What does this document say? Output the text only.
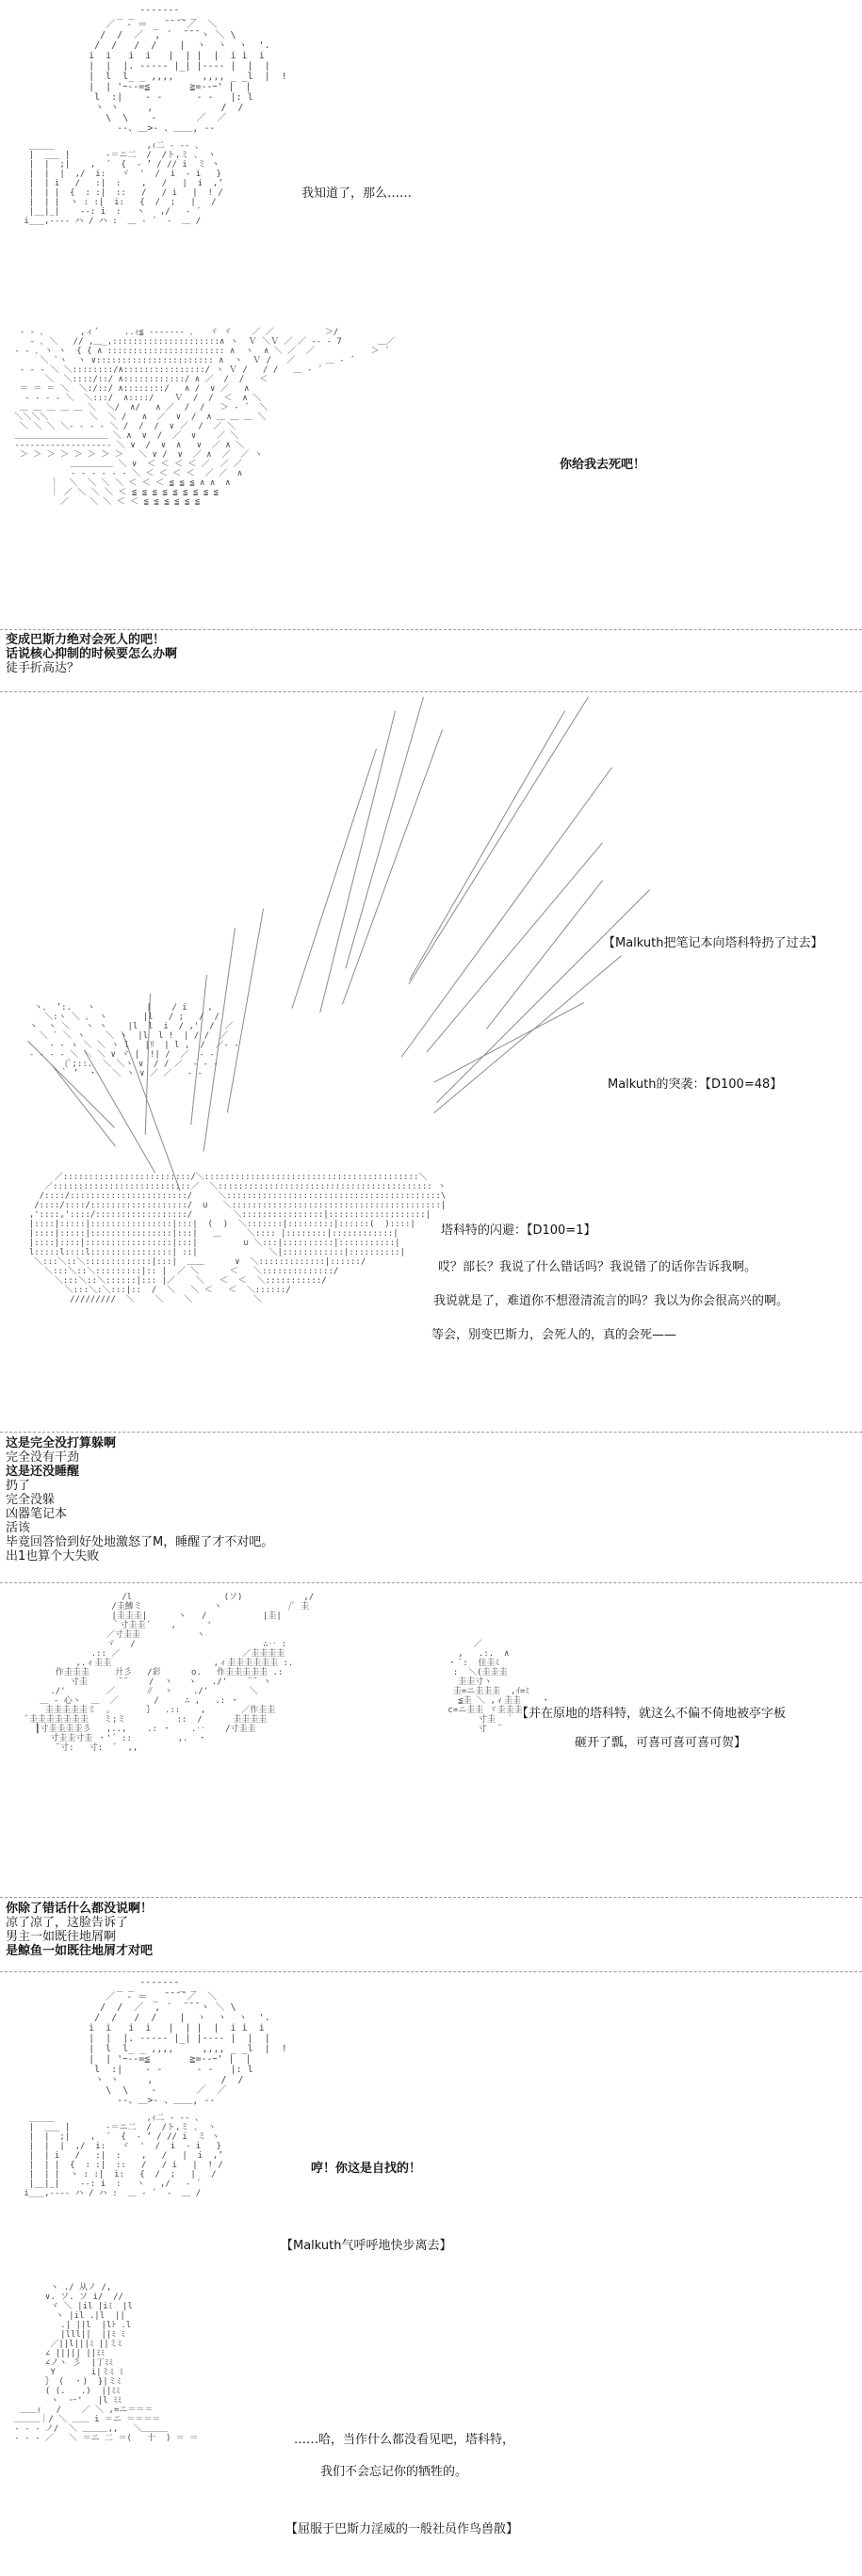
_ _ ̄ ̄ ̄ ̄ ̄ ̄ ̄ _ _
／  ‐ ＝ _ ̄ ̄ ̄ ̄ ／  ＼
/  /  ／  , ´  ̄ ̄ ̄ ヽ ＼ \
/  /   /  /    |  ヽ  ヽ  ヽ  '.
i  i   i  i   |  | |  |  i i  i
|  |  |. ---‐‐ |_| |‐‐‐- |  |  |
|  l  l_ _ ,,,,     ,,,, _ _l  |  !
|  | 'ｰ--=≦       ≧=--ｰ' |  |
l  :|    ‐ ‐      ‐ ‐   |: l
ヽ ヽ     ,            /  /
\  \    ‐       ／  ／
‐-、＿>- 、＿＿, -‐
_____                  ,ｨ二 ‐ ‐- 、
|  ___ |       ‐＝ニ二  /  /ト,ミ 、 ヽ
|  |  ;|    ,  ´  {  ‐ ’ / // i  ミ ヽ
|  |  |  ,/  i:   ヾ  '  /  i  ‐ i   }
|  | i   /   :|  :    ,   /   |  i  ,’
|  | |  {  : :|  ::   /   / i   |  ! /
|  | |  ヽ : :|  i:   {  /  ;   |   /
|__|_|    ‐-: i  :   ヽ   ,/   ‐ ´
i___,---- ハ / ハ :  ＿ ‐ ´  ‐  ＿ /
我知道了，那么……
‐ ‐ ､       ,ィ´     ..ｨ≦ ‐‐‐‐‐‐‐ ､   ヾ ヾ    ／ ／          ＞/
‐ ､ ＼   // ,＿_,:::::::::::::::::::::∧ ヽ  Ｖ ＼Ｖ ／ ／ ‐‐ ‐ 7       ＿／
‐ ‐ ､ ヽ ヽ  { { ∧ ::::::::::::::::::::::: ∧  ヽ  ∧ ＼ ／  ／           ＞ ´
＼ `ヽ  ヽ ∨::::::::::::::::::::::: ∧  ヽ  Ｖ /   ／      ＿ ‐ ´
‐ ‐ ‐ ＼ ＼::::::::/∧::::::::::::::::/ ヽ Ｖ /   / /   ＿ ‐ ´
＼  ＼::::/::/ ∧::::::::::::/ ∧ ／  /  /   ＜
＝ ＝ ＝ ＼  ＼:/::/ ∧::::::::/   ∧ /  ∨ ／   ∧
‐ ‐ ‐ ‐ ＼  ＼:::/  ∧::::/    Ｖ  /  /  ＜  ∧ ＼
＿ ＿ ＿ ＿ ＿ ＼  ＼/  ∧/   ∧ ／  /  /   ＞ ‐ ´  ＼
＼＼＼＼        ＼  ＼ /   ∧  ／  ∨  /  ∧ ＿ ＿ ＿ ＼
＼ ＼ ＼ ＼‐ ‐ ‐ ‐ ＼ /  /  /  ∨ ／  /  ／ ＼
＿＿＿＿＿＿＿＿＿＿＿ ＼ ∧  ∨  /  ／  ∨    ／ ＼
‐‐‐‐‐‐‐‐‐‐‐‐‐‐‐‐‐‐‐ ＼ ∨  /  ∨  ∧   ∨  ／ ∧ ＼
＞ ＞ ＞ ＞ ＞ ＞ ＞ ＞   ＼ ∨ /  ∨  ／ ∧  ／  ／ ヽ
＿＿＿＿＿ ＼ ∨  ＜ ＜ ＜ ＜ ／  ／ ／
‐ ‐ ‐ ‐ ‐ ‐ ＼ ＜ ＜ ＜ ＜  ／ ／  ∧
｜  ＼  ＼ ＼ ＼ ＜ ＜ ＜ ≦ ≦ ≦ ∧ ∧  ∧
｜ ／ ＼ ＼ ＼ ＜ ≦ ≦ ≦ ≦ ≦ ≦ ≦ ≦ ≦
／    ＼ ＼ ＜ ＜ ≦ ≦ ≦ ≦ ≦ ≦
你给我去死吧！
变成巴斯力绝对会死人的吧！
话说核心抑制的时候要怎么办啊
徒手折高达？
ヽ、 ’:.   ヽ          |    / i    ,
＼:ヽ ＼ 、 ヽ       |l   / ;   /  /
ヽ  ヽ ＼   ヽ ヽ    |l  l  i  / ,'  /  ／
＼ ` ＼ ヽ    ＼ ヽ  |l  l !  | / /  ／
‐ ‐ ゝ ＼ ＼ ヽ l   |ﾘ  | l ,  /  ／‐ ‐
‐ ‐ ‐ ‐ ＼ ＼ ＼ ∨ ヾ |  !| /  ／  ‐ ‐
(ﾟ;::.  ＼ ＼ヽ ∨  / / ／  ‐ ‐ ‐
｀ ’  ・   ＼ ヽ ∨ ／ ／   ‐ ‐
／:::::::::::::::::::::::::/＼::::::::::::::::::::::::::::::::::::::::::＼
／:::::::::::::::::::::::::::／  ＼:::::::::::::::::::::::::::::::::::::::::: ヽ
/::::/:::::::::::::::::::::::/     ＼::::::::::::::::::::::::::::::::::::::::::\
/::::/::::/:::::::::::::::::::/  ∪   ＼:::::::::::::::::::::::::::::::::::::::::|
,'::::,'::::/::::::::::::::::::/        ＼::::::::::::::::|:::::::::::::::::::|
|::::|:::::|::::::::::::::::|:::|  (  )  ＼:::::::|:::::::::|::::::(  )::::|
|::::|:::::|::::::::::::::::|:::|   ＿     ＼:::: |::::::::|::::::::::::|
|::::|::::|:::::::::::::::::|:::|         ∪ ＼:::|::::::::::|:::::::::::|
l:::::l::::l::::::::::::::::| ::|              ＼|::::::::::::|::::::::::|
＼:::＼::＼:::::::::::::|:::|  ＿＿      ∨  ＼:::::::::::::|::::::/
＼:::＼::＼:::::::::|:: |  ／ ＼      ＜   ＼::::::::::::::/
＼:::＼::＼::::::|::: |／    ＼   ＜  ＜  ＼:::::::::::/
＼:::＼:＼:::|::  /  ＼   ＼ ＜   ＜  ＼::::::/
/////////  ＼    ＼    ＼            ＼
【Malkuth把笔记本向塔科特扔了过去】
Malkuth的突袭：【D100=48】
塔科特的闪避：【D100=1】
哎？部长？我说了什么错话吗？我说错了的话你告诉我啊。
我说就是了，难道你不想澄清流言的吗？我以为你会很高兴的啊。
等会，别变巴斯力，会死人的，真的会死——
这是完全没打算躲啊
完全没有干劲
这是还没睡醒
扔了
完全没躲
凶器笔记本
活该
毕竟回答恰到好处地激怒了M，睡醒了才不对吧。
出1也算个大失败
/l                  (ソ)            ,/
/圭鯵ミ              ヽ             /ﾞ 圭
|圭圭圭|      ヽ   /           |圭|
｀寸圭圭´    ,      '
／寸圭圭           ヽ
ヾ   /                         ∴‥ :
.:: ／                        ／圭圭圭圭
,.ィ圭圭                    ,ィ圭圭圭圭圭圭 :.
作圭圭圭     廾彡   /彩      o.   作圭圭圭圭圭 .:
寸圭      ¨¨    /  ヽ   ヽ   ./'    ¨¨ ヽ
./'        ／      ∥  ヽ    ./'        ＼
＿ ‐ 心ヽ  ＿  ／       /     ∴ ,   .: ・
圭圭圭圭圭ミ  ｡       ｝  .::    ,       ／作圭圭
ﾞ圭圭圭圭圭圭圭   ミ;ミ          ::  /      圭圭圭圭
┃寸圭圭圭圭彡   ,..,    .: ・    .‥    /寸圭圭
寸圭圭寸圭 ・'´ ::         ,.  ・
¨寸:   寸:  ﾟ  ,,
／
,   .:.  ∧
・ ﾞ:  住圭ﾐ
:  ＼(圭圭圭
圭圭寸ヽ
圭=ニ圭圭圭  ,ｲ=ﾐ
≦圭 ＼ ,ィ圭圭    ・
c=ニ圭圭 ヾ圭圭圭
寸圭  ｀
寸  ¨
【并在原地的塔科特，就这么不偏不倚地被亭字板
砸开了瓢，可喜可喜可喜可贺】
你除了错话什么都没说啊！
凉了凉了，这脸告诉了
男主一如既往地屑啊
是鲸鱼一如既往地屑才对吧
_ _ ̄ ̄ ̄ ̄ ̄ ̄ ̄ _ _
／  ‐ ＝ _ ̄ ̄ ̄ ̄ ／  ＼
/  /  ／  , ´  ̄ ̄ ̄ ヽ ＼ \
/  /   /  /    |  ヽ  ヽ  ヽ  '.
i  i   i  i   |  | |  |  i i  i
|  |  |. ---‐‐ |_| |‐‐‐- |  |  |
|  l  l_ _ ,,,,     ,,,, _ _l  |  !
|  | 'ｰ--=≦       ≧=--ｰ' |  |
l  :|    ‐ ‐      ‐ ‐   |: l
ヽ ヽ     ,            /  /
\  \    ‐       ／  ／
‐-、＿>- 、＿＿, -‐
_____                  ,ｨ二 ‐ ‐- 、
|  ___ |       ‐＝ニ二  /  /ト,ミ 、 ヽ
|  |  ;|    ,  ´  {  ‐ ’ / // i  ミ ヽ
|  |  |  ,/  i:   ヾ  '  /  i  ‐ i   }
|  | i   /   :|  :    ,   /   |  i  ,’
|  | |  {  : :|  ::   /   / i   |  ! /
|  | |  ヽ : :|  i:   {  /  ;   |   /
|__|_|    ‐-: i  :   ヽ   ,/   ‐ ´
i___,---- ハ / ハ :  ＿ ‐ ´  ‐  ＿ /
哼！你这是自找的！
【Malkuth气呼呼地快步离去】
ヽ ./ 从ノ /,
∨. ソ. ソ i/  //
ヾ ＼ |il |iﾐ  |l
ヽ |il .|l  ||
.| ||l  |lﾄ .l
|lll||  ||ﾐ ﾐ
／||l|||ﾐ ||ミﾐ
∠ ||||| ||ﾐﾐ
∠ノヽ 彡  |丁ﾐﾐ
Y       i|ミﾐ ﾐ
｝ (  ・)  }|ミﾐ
( (.   .)  ||ﾐﾐ
ヽ  ー'   |l ﾐﾐ
＿＿ｨ   /    ／ ＼ ,=ニ＝＝＝
＿＿＿｜/ ＼ ＿＿ i ＝ニ ＝＝＝＝
‐ ‐ ‐ ノ/  ＼ ＿＿＿,,   ＼＿＿＿
‐ ‐ ‐ ／   ＼ ＝ニ 二 ＝(   十  ) ＝ ＝	……哈，当作什么都没看见吧，塔科特，
我们不会忘记你的牺牲的。
【屈服于巴斯力淫威的一般社员作鸟兽散】
